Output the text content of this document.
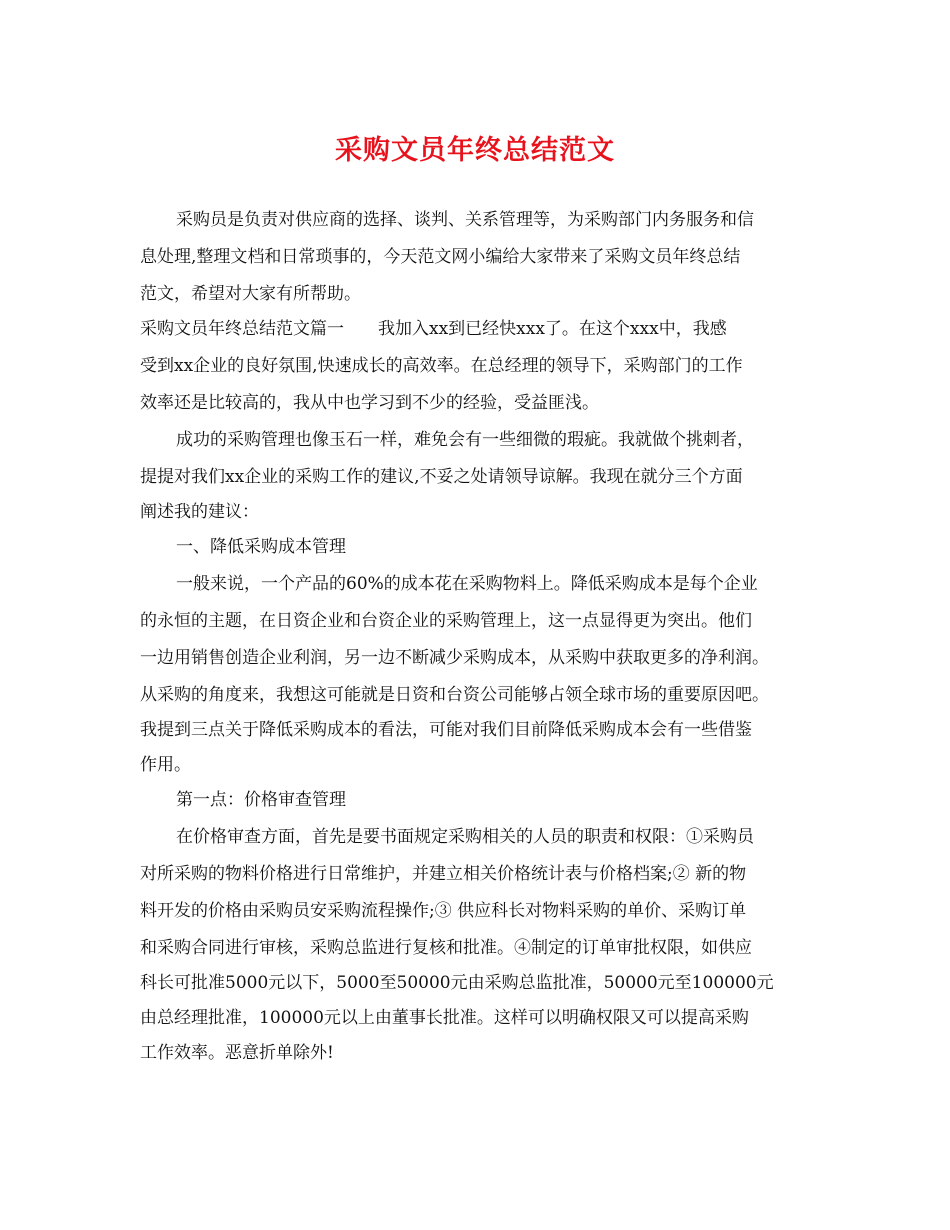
采购文员年终总结范文
采购员是负责对供应商的选择、谈判、关系管理等，为采购部门内务服务和信
息处理,整理文档和日常琐事的，今天范文网小编给大家带来了采购文员年终总结
范文，希望对大家有所帮助。
采购文员年终总结范文篇一　　我加入xx到已经快xxx了。在这个xxx中，我感
受到xx企业的良好氛围,快速成长的高效率。在总经理的领导下，采购部门的工作
效率还是比较高的，我从中也学习到不少的经验，受益匪浅。
成功的采购管理也像玉石一样，难免会有一些细微的瑕疵。我就做个挑刺者，
提提对我们xx企业的采购工作的建议,不妥之处请领导谅解。我现在就分三个方面
阐述我的建议：
一、降低采购成本管理
一般来说，一个产品的60%的成本花在采购物料上。降低采购成本是每个企业
的永恒的主题，在日资企业和台资企业的采购管理上，这一点显得更为突出。他们
一边用销售创造企业利润，另一边不断减少采购成本，从采购中获取更多的净利润。
从采购的角度来，我想这可能就是日资和台资公司能够占领全球市场的重要原因吧。
我提到三点关于降低采购成本的看法，可能对我们目前降低采购成本会有一些借鉴
作用。
第一点：价格审查管理
在价格审查方面，首先是要书面规定采购相关的人员的职责和权限：①采购员
对所采购的物料价格进行日常维护，并建立相关价格统计表与价格档案;② 新的物
料开发的价格由采购员安采购流程操作;③ 供应科长对物料采购的单价、采购订单
和采购合同进行审核，采购总监进行复核和批准。④制定的订单审批权限，如供应
科长可批准5000元以下，5000至50000元由采购总监批准，50000元至100000元
由总经理批准，100000元以上由董事长批准。这样可以明确权限又可以提高采购
工作效率。恶意折单除外!
